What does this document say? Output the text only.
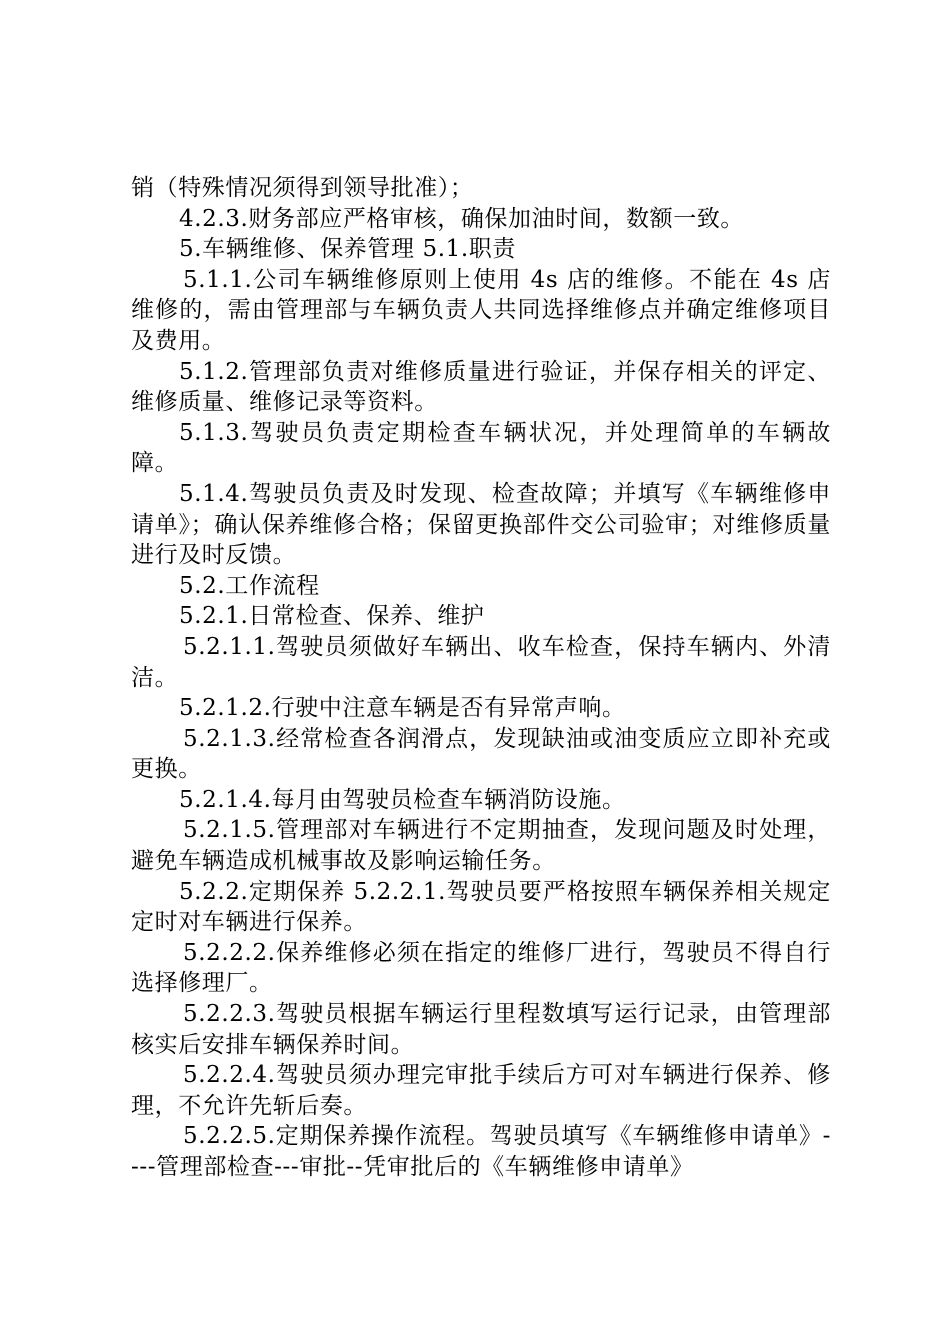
销（特殊情况须得到领导批准）；

4.2.3.财务部应严格审核，确保加油时间，数额一致。

5.车辆维修、保养管理 5.1.职责

5.1.1.公司车辆维修原则上使用 4s 店的维修。不能在 4s 店维修的，需由管理部与车辆负责人共同选择维修点并确定维修项目及费用。

5.1.2.管理部负责对维修质量进行验证，并保存相关的评定、维修质量、维修记录等资料。

5.1.3.驾驶员负责定期检查车辆状况，并处理简单的车辆故障。

5.1.4.驾驶员负责及时发现、检查故障；并填写《车辆维修申请单》；确认保养维修合格；保留更换部件交公司验审；对维修质量进行及时反馈。

5.2.工作流程

5.2.1.日常检查、保养、维护

5.2.1.1.驾驶员须做好车辆出、收车检查，保持车辆内、外清洁。

5.2.1.2.行驶中注意车辆是否有异常声响。

5.2.1.3.经常检查各润滑点，发现缺油或油变质应立即补充或更换。

5.2.1.4.每月由驾驶员检查车辆消防设施。

5.2.1.5.管理部对车辆进行不定期抽查，发现问题及时处理，避免车辆造成机械事故及影响运输任务。

5.2.2.定期保养 5.2.2.1.驾驶员要严格按照车辆保养相关规定定时对车辆进行保养。

5.2.2.2.保养维修必须在指定的维修厂进行，驾驶员不得自行选择修理厂。

5.2.2.3.驾驶员根据车辆运行里程数填写运行记录，由管理部核实后安排车辆保养时间。

5.2.2.4.驾驶员须办理完审批手续后方可对车辆进行保养、修理，不允许先斩后奏。

5.2.2.5.定期保养操作流程。驾驶员填写《车辆维修申请单》----管理部检查---审批--凭审批后的《车辆维修申请单》
